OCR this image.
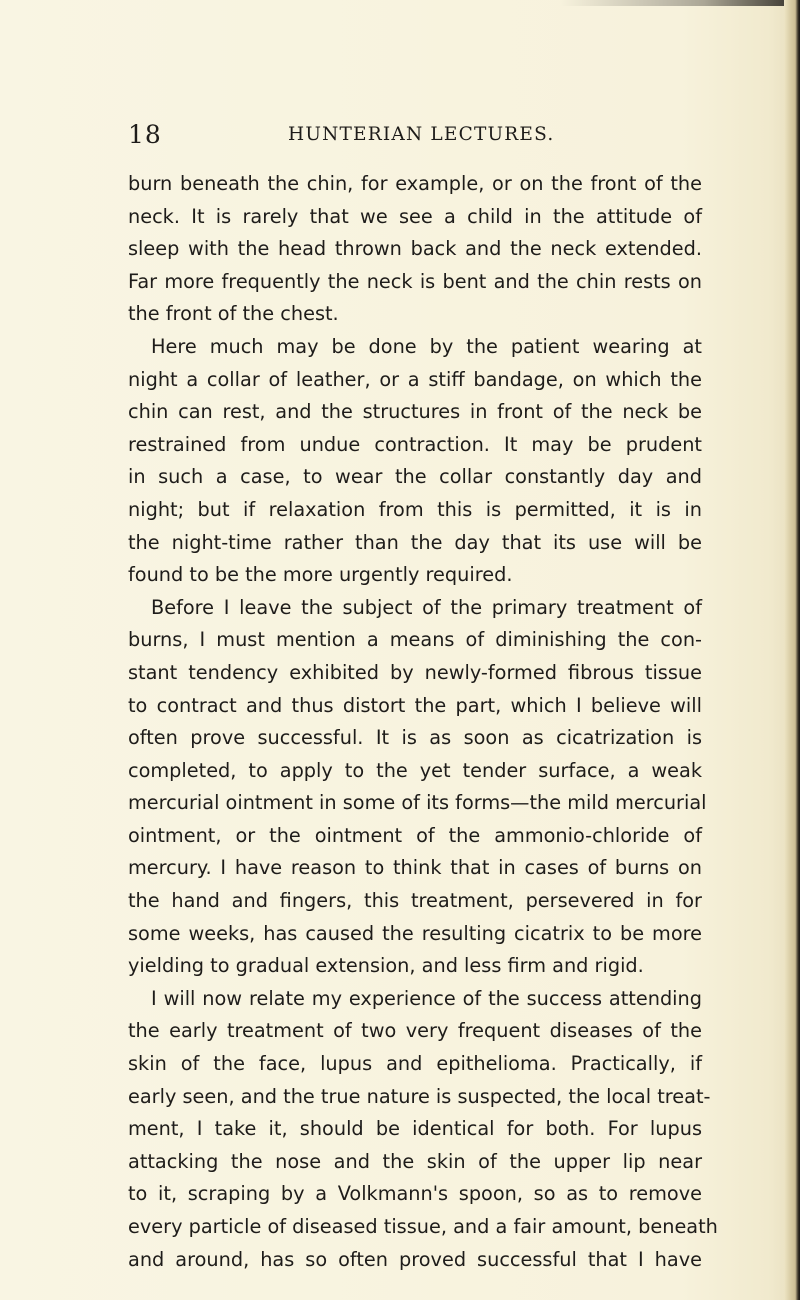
18	HUNTERIAN LECTURES.
burn beneath the chin, for example, or on the front of the
neck. It is rarely that we see a child in the attitude of
sleep with the head thrown back and the neck extended.
Far more frequently the neck is bent and the chin rests on
the front of the chest.
Here much may be done by the patient wearing at
night a collar of leather, or a stiff bandage, on which the
chin can rest, and the structures in front of the neck be
restrained from undue contraction. It may be prudent
in such a case, to wear the collar constantly day and
night; but if relaxation from this is permitted, it is in
the night-time rather than the day that its use will be
found to be the more urgently required.
Before I leave the subject of the primary treatment of
burns, I must mention a means of diminishing the con-
stant tendency exhibited by newly-formed fibrous tissue
to contract and thus distort the part, which I believe will
often prove successful. It is as soon as cicatrization is
completed, to apply to the yet tender surface, a weak
mercurial ointment in some of its forms—the mild mercurial
ointment, or the ointment of the ammonio-chloride of
mercury. I have reason to think that in cases of burns on
the hand and fingers, this treatment, persevered in for
some weeks, has caused the resulting cicatrix to be more
yielding to gradual extension, and less firm and rigid.
I will now relate my experience of the success attending
the early treatment of two very frequent diseases of the
skin of the face, lupus and epithelioma. Practically, if
early seen, and the true nature is suspected, the local treat-
ment, I take it, should be identical for both. For lupus
attacking the nose and the skin of the upper lip near
to it, scraping by a Volkmann's spoon, so as to remove
every particle of diseased tissue, and a fair amount, beneath
and around, has so often proved successful that I have
